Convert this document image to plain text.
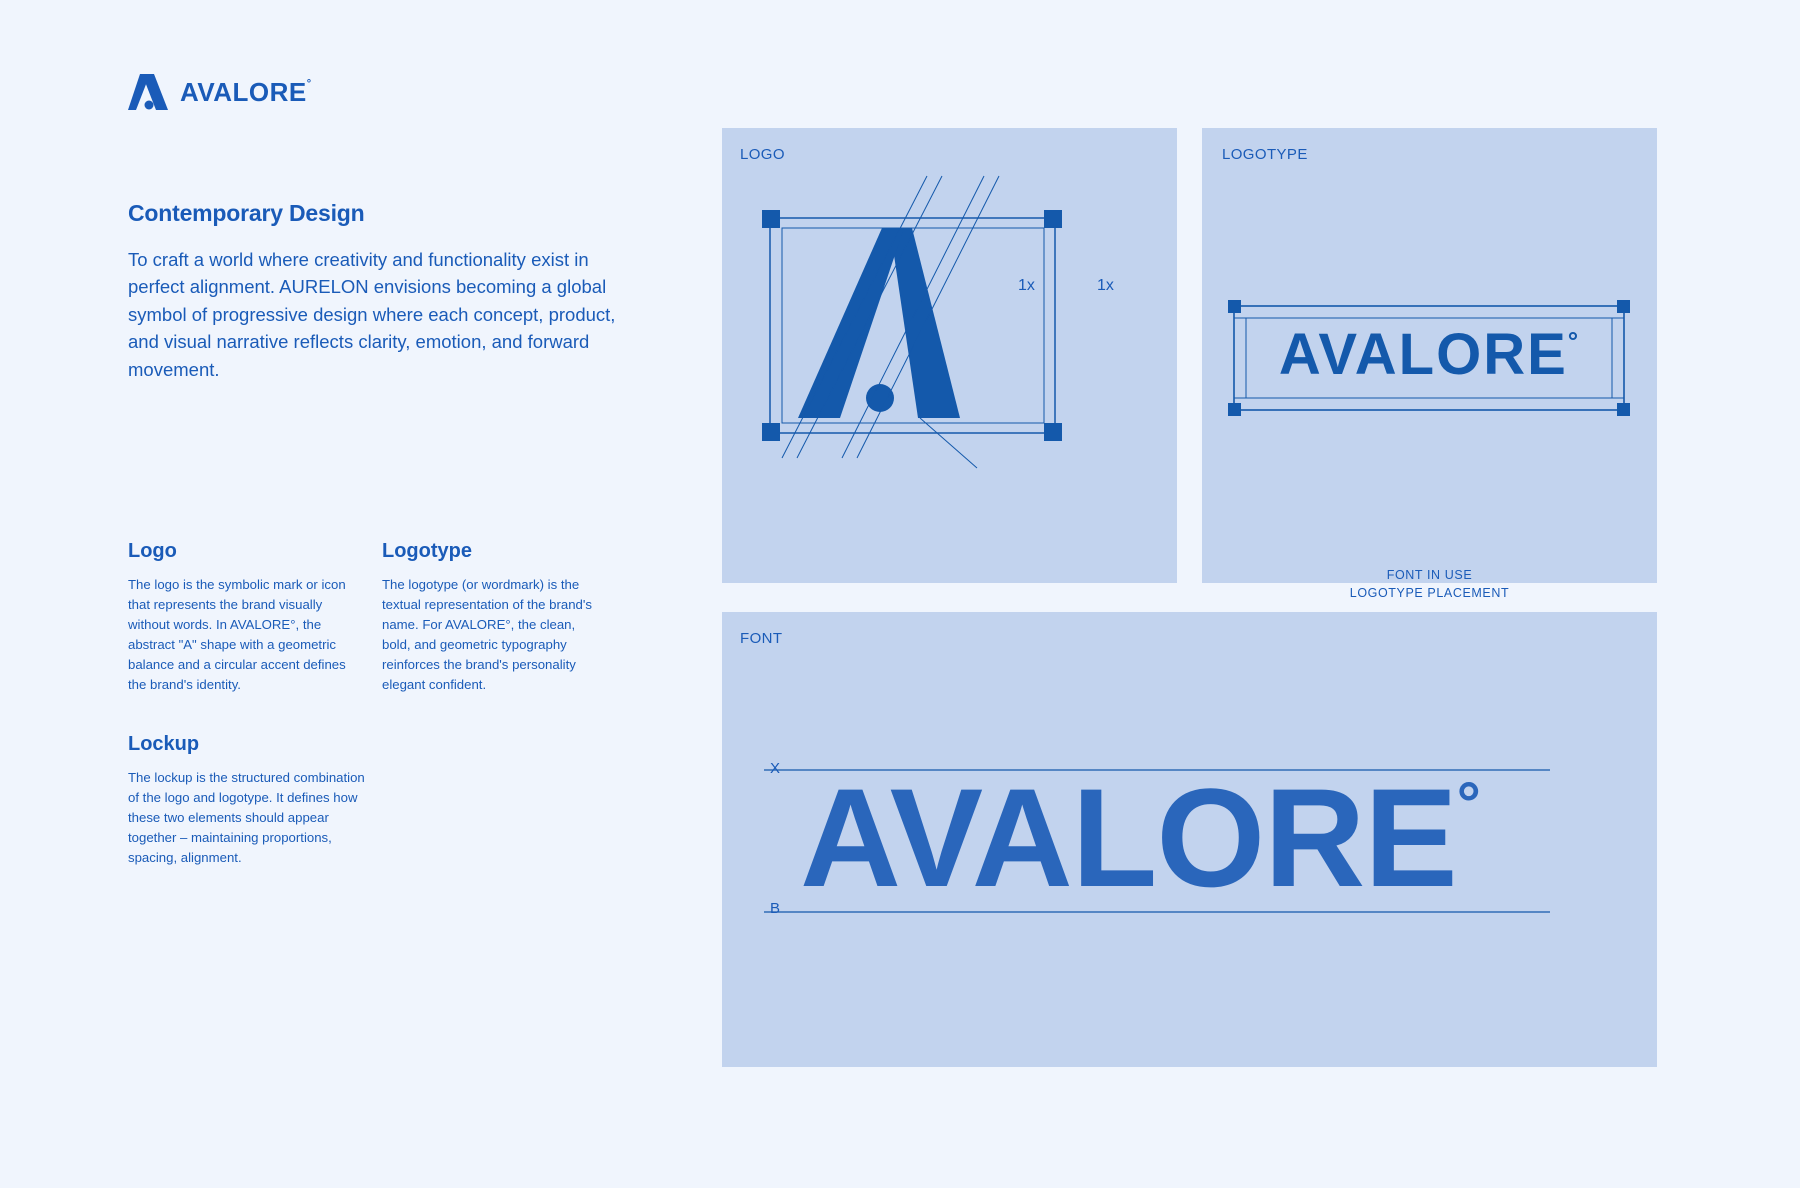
AVALORE°
Contemporary Design
To craft a world where creativity and functionality exist in perfect alignment. AURELON envisions becoming a global symbol of progressive design where each concept, product, and visual narrative reflects clarity, emotion, and forward movement.
Logo

The logo is the symbolic mark or icon that represents the brand visually without words. In AVALORE°, the abstract "A" shape with a geometric balance and a circular accent defines the brand's identity.

Logotype

The logotype (or wordmark) is the textual representation of the brand's name. For AVALORE°, the clean, bold, and geometric typography reinforces the brand's personality elegant confident.

Lockup

The lockup is the structured combination of the logo and logotype. It defines how these two elements should appear together – maintaining proportions, spacing, alignment.

LOGO
1x	1x
LOGOTYPE
AVALORE °
FONT IN USE
LOGOTYPE PLACEMENT
FONT
X
B AVALORE °
